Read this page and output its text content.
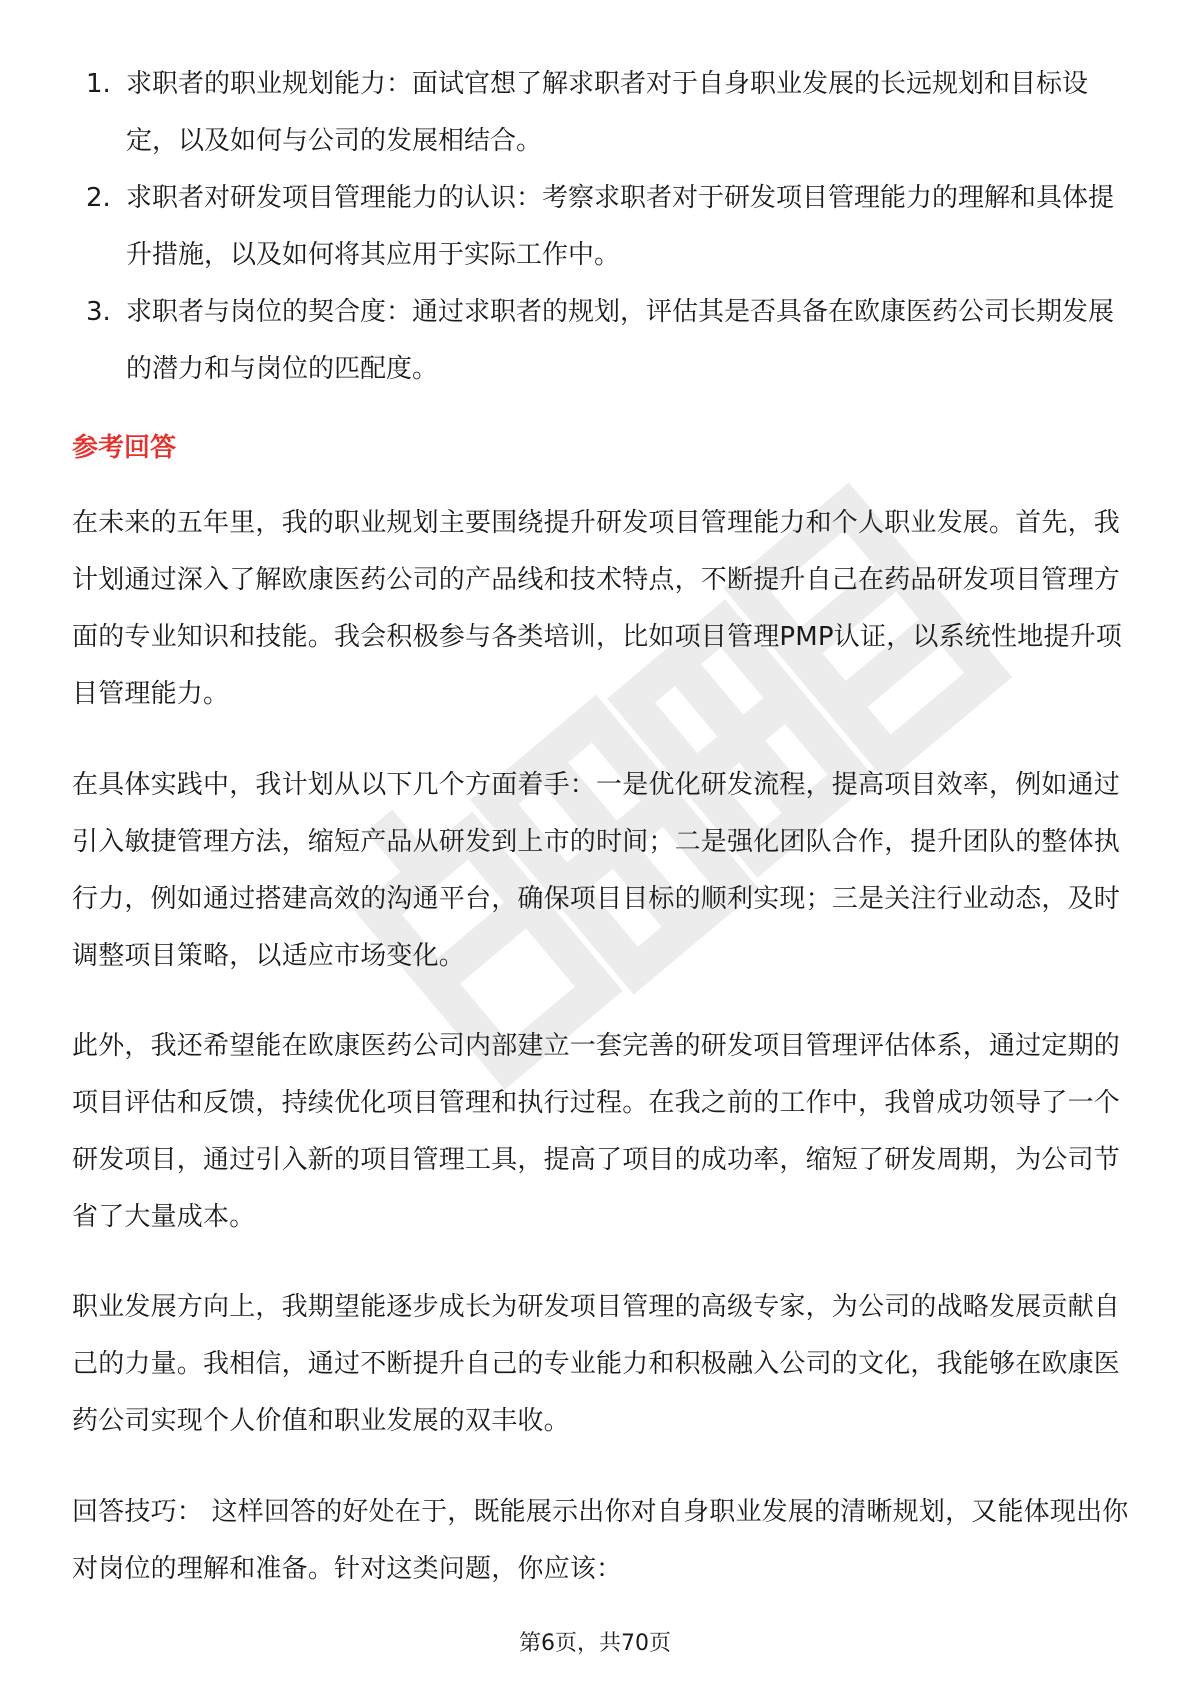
1. 求职者的职业规划能力：面试官想了解求职者对于自身职业发展的长远规划和目标设定，以及如何与公司的发展相结合。
2. 求职者对研发项目管理能力的认识：考察求职者对于研发项目管理能力的理解和具体提升措施，以及如何将其应用于实际工作中。
3. 求职者与岗位的契合度：通过求职者的规划，评估其是否具备在欧康医药公司长期发展的潜力和与岗位的匹配度。
参考回答

在未来的五年里，我的职业规划主要围绕提升研发项目管理能力和个人职业发展。首先，我计划通过深入了解欧康医药公司的产品线和技术特点，不断提升自己在药品研发项目管理方面的专业知识和技能。我会积极参与各类培训，比如项目管理PMP认证，以系统性地提升项目管理能力。

在具体实践中，我计划从以下几个方面着手：一是优化研发流程，提高项目效率，例如通过引入敏捷管理方法，缩短产品从研发到上市的时间；二是强化团队合作，提升团队的整体执行力，例如通过搭建高效的沟通平台，确保项目目标的顺利实现；三是关注行业动态，及时调整项目策略，以适应市场变化。

此外，我还希望能在欧康医药公司内部建立一套完善的研发项目管理评估体系，通过定期的项目评估和反馈，持续优化项目管理和执行过程。在我之前的工作中，我曾成功领导了一个研发项目，通过引入新的项目管理工具，提高了项目的成功率，缩短了研发周期，为公司节省了大量成本。

职业发展方向上，我期望能逐步成长为研发项目管理的高级专家，为公司的战略发展贡献自己的力量。我相信，通过不断提升自己的专业能力和积极融入公司的文化，我能够在欧康医药公司实现个人价值和职业发展的双丰收。

回答技巧： 这样回答的好处在于，既能展示出你对自身职业发展的清晰规划，又能体现出你对岗位的理解和准备。针对这类问题，你应该：

第6页，共70页
